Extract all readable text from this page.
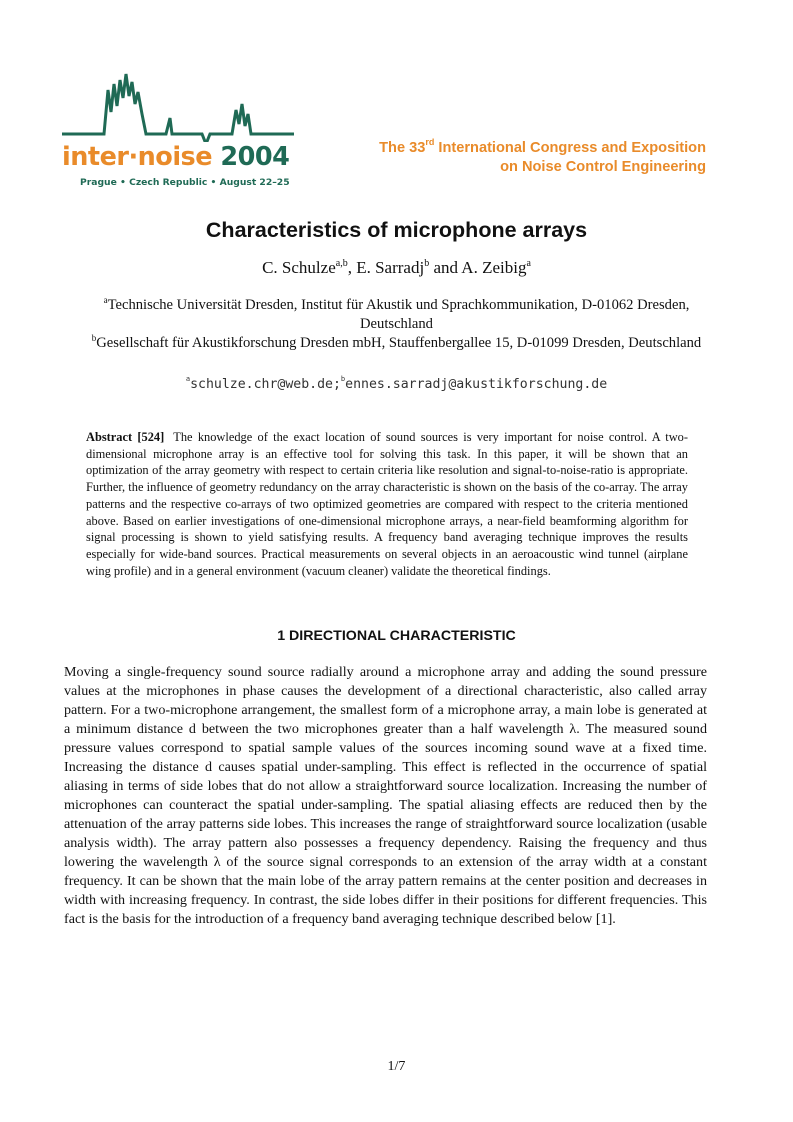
inter·noise 2004
Prague • Czech Republic • August 22–25
The 33rd International Congress and Exposition
on Noise Control Engineering
Characteristics of microphone arrays
C. Schulze$^{a,b}$, E. Sarradj$^b$ and A. Zeibig$^a$

$^a$Technische Universität Dresden, Institut für Akustik und Sprachkommunikation, D-01062 Dresden, Deutschland

$^b$Gesellschaft für Akustikforschung Dresden mbH, Stauffenbergallee 15, D-01099 Dresden, Deutschland

$^a$schulze.chr@web.de;$^b$ennes.sarradj@akustikforschung.de

Abstract [524] The knowledge of the exact location of sound sources is very important for noise control. A two-dimensional microphone array is an effective tool for solving this task. In this paper, it will be shown that an optimization of the array geometry with respect to certain criteria like resolution and signal-to-noise-ratio is appropriate. Further, the influence of geometry redundancy on the array characteristic is shown on the basis of the co-array. The array patterns and the respective co-arrays of two optimized geometries are compared with respect to the criteria mentioned above. Based on earlier investigations of one-dimensional microphone arrays, a near-field beamforming algorithm for signal processing is shown to yield satisfying results. A frequency band averaging technique improves the results especially for wide-band sources. Practical measurements on several objects in an aeroacoustic wind tunnel (airplane wing profile) and in a general environment (vacuum cleaner) validate the theoretical findings.

1 DIRECTIONAL CHARACTERISTIC

Moving a single-frequency sound source radially around a microphone array and adding the sound pressure values at the microphones in phase causes the development of a directional characteristic, also called array pattern. For a two-microphone arrangement, the smallest form of a microphone array, a main lobe is generated at a minimum distance d between the two microphones greater than a half wavelength λ. The measured sound pressure values correspond to spatial sample values of the sources incoming sound wave at a fixed time. Increasing the distance d causes spatial under-sampling. This effect is reflected in the occurrence of spatial aliasing in terms of side lobes that do not allow a straightforward source localization. Increasing the number of microphones can counteract the spatial under-sampling. The spatial aliasing effects are reduced then by the attenuation of the array patterns side lobes. This increases the range of straightforward source localization (usable analysis width). The array pattern also possesses a frequency dependency. Raising the frequency and thus lowering the wavelength λ of the source signal corresponds to an extension of the array width at a constant frequency. It can be shown that the main lobe of the array pattern remains at the center position and decreases in width with increasing frequency. In contrast, the side lobes differ in their positions for different frequencies. This fact is the basis for the introduction of a frequency band averaging technique described below [1].

1/7
